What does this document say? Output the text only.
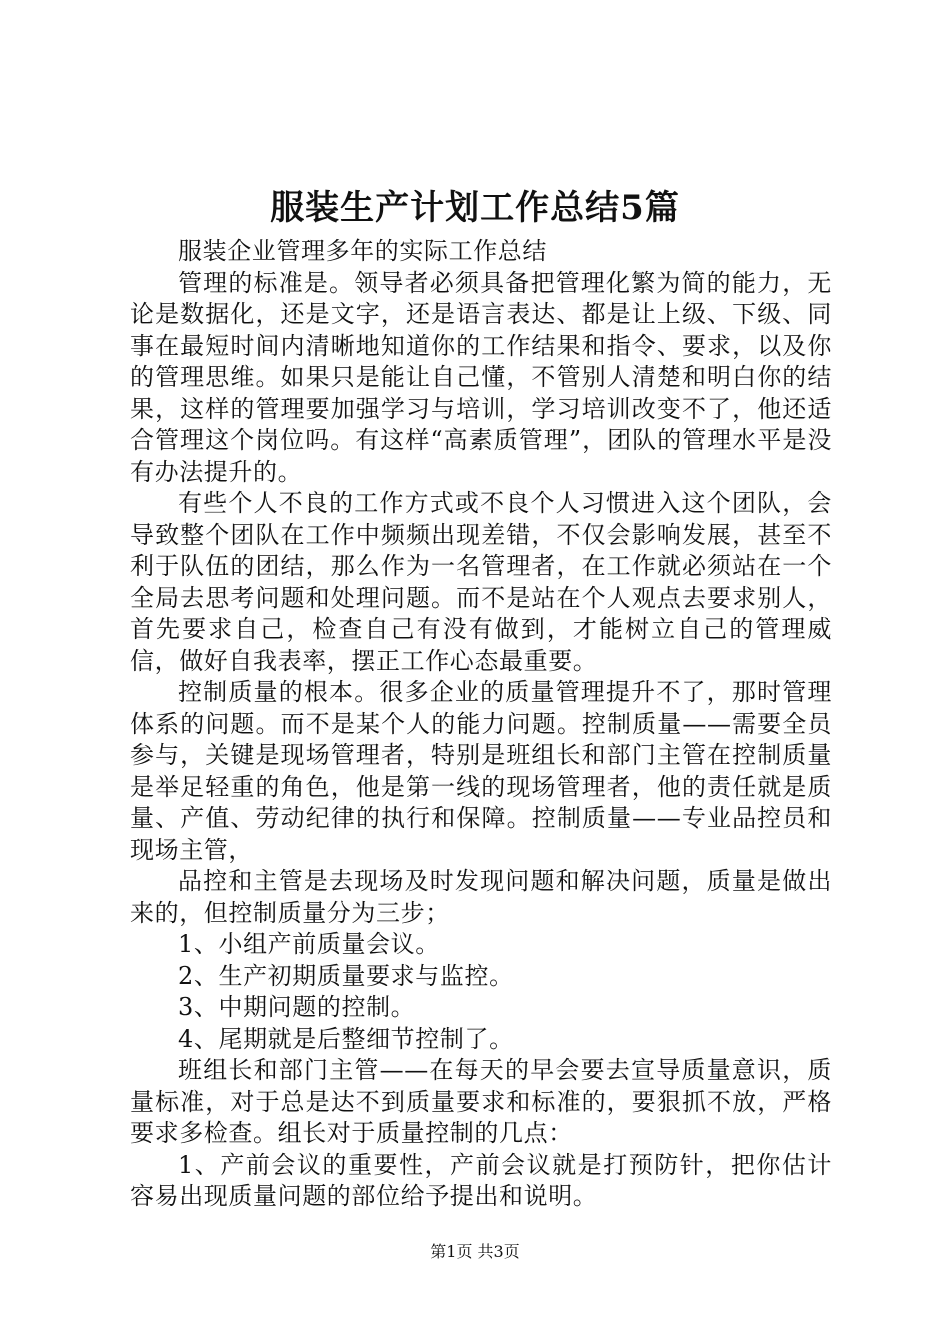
服装生产计划工作总结5篇

服装企业管理多年的实际工作总结

管理的标准是。领导者必须具备把管理化繁为简的能力，无论是数据化，还是文字，还是语言表达、都是让上级、下级、同事在最短时间内清晰地知道你的工作结果和指令、要求，以及你的管理思维。如果只是能让自己懂，不管别人清楚和明白你的结果，这样的管理要加强学习与培训，学习培训改变不了，他还适合管理这个岗位吗。有这样“高素质管理”，团队的管理水平是没有办法提升的。

有些个人不良的工作方式或不良个人习惯进入这个团队，会导致整个团队在工作中频频出现差错，不仅会影响发展，甚至不利于队伍的团结，那么作为一名管理者，在工作就必须站在一个全局去思考问题和处理问题。而不是站在个人观点去要求别人，首先要求自己，检查自己有没有做到，才能树立自己的管理威信，做好自我表率，摆正工作心态最重要。

控制质量的根本。很多企业的质量管理提升不了，那时管理体系的问题。而不是某个人的能力问题。控制质量——需要全员参与，关键是现场管理者，特别是班组长和部门主管在控制质量是举足轻重的角色，他是第一线的现场管理者，他的责任就是质量、产值、劳动纪律的执行和保障。控制质量——专业品控员和现场主管，

品控和主管是去现场及时发现问题和解决问题，质量是做出来的，但控制质量分为三步；

1、小组产前质量会议。

2、生产初期质量要求与监控。

3、中期问题的控制。

4、尾期就是后整细节控制了。

班组长和部门主管——在每天的早会要去宣导质量意识，质量标准，对于总是达不到质量要求和标准的，要狠抓不放，严格要求多检查。组长对于质量控制的几点：

1、产前会议的重要性，产前会议就是打预防针，把你估计容易出现质量问题的部位给予提出和说明。

第1页 共3页
